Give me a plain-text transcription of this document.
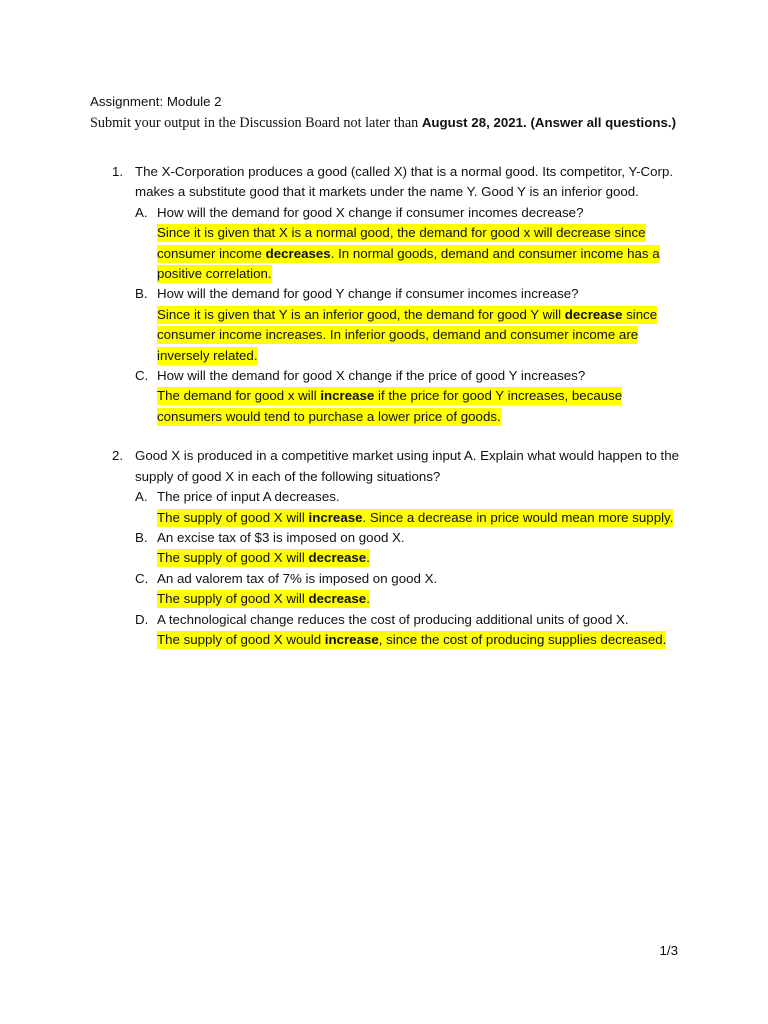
Assignment: Module 2

Submit your output in the Discussion Board not later than August 28, 2021. (Answer all questions.)

1. The X-Corporation produces a good (called X) that is a normal good. Its competitor, Y-Corp. makes a substitute good that it markets under the name Y. Good Y is an inferior good.
A. How will the demand for good X change if consumer incomes decrease?
Since it is given that X is a normal good, the demand for good x will decrease since consumer income decreases. In normal goods, demand and consumer income has a positive correlation.
B. How will the demand for good Y change if consumer incomes increase?
Since it is given that Y is an inferior good, the demand for good Y will decrease since consumer income increases. In inferior goods, demand and consumer income are inversely related.
C. How will the demand for good X change if the price of good Y increases?
The demand for good x will increase if the price for good Y increases, because consumers would tend to purchase a lower price of goods.
2. Good X is produced in a competitive market using input A. Explain what would happen to the supply of good X in each of the following situations?
A. The price of input A decreases.
The supply of good X will increase. Since a decrease in price would mean more supply.
B. An excise tax of $3 is imposed on good X.
The supply of good X will decrease.
C. An ad valorem tax of 7% is imposed on good X.
The supply of good X will decrease.
D. A technological change reduces the cost of producing additional units of good X.
The supply of good X would increase, since the cost of producing supplies decreased.
1/3
